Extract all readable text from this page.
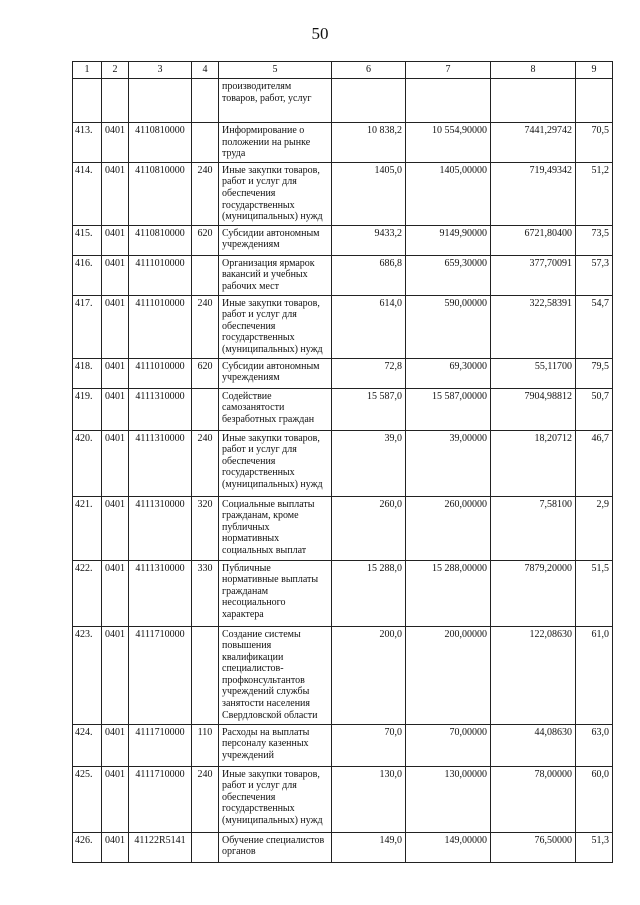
50
1	2	3	4	5	6	7	8	9
				производителям товаров, работ, услуг				
413.	0401	4110810000		Информирование о положении на рынке труда	10 838,2	10 554,90000	7441,29742	70,5
414.	0401	4110810000	240	Иные закупки товаров, работ и услуг для обеспечения государственных (муниципальных) нужд	1405,0	1405,00000	719,49342	51,2
415.	0401	4110810000	620	Субсидии автономным учреждениям	9433,2	9149,90000	6721,80400	73,5
416.	0401	4111010000		Организация ярмарок вакансий и учебных рабочих мест	686,8	659,30000	377,70091	57,3
417.	0401	4111010000	240	Иные закупки товаров, работ и услуг для обеспечения государственных (муниципальных) нужд	614,0	590,00000	322,58391	54,7
418.	0401	4111010000	620	Субсидии автономным учреждениям	72,8	69,30000	55,11700	79,5
419.	0401	4111310000		Содействие самозанятости безработных граждан	15 587,0	15 587,00000	7904,98812	50,7
420.	0401	4111310000	240	Иные закупки товаров, работ и услуг для обеспечения государственных (муниципальных) нужд	39,0	39,00000	18,20712	46,7
421.	0401	4111310000	320	Социальные выплаты гражданам, кроме публичных нормативных социальных выплат	260,0	260,00000	7,58100	2,9
422.	0401	4111310000	330	Публичные нормативные выплаты гражданам несоциального характера	15 288,0	15 288,00000	7879,20000	51,5
423.	0401	4111710000		Создание системы повышения квалификации специалистов-профконсультантов учреждений службы занятости населения Свердловской области	200,0	200,00000	122,08630	61,0
424.	0401	4111710000	110	Расходы на выплаты персоналу казенных учреждений	70,0	70,00000	44,08630	63,0
425.	0401	4111710000	240	Иные закупки товаров, работ и услуг для обеспечения государственных (муниципальных) нужд	130,0	130,00000	78,00000	60,0
426.	0401	41122R5141		Обучение специалистов органов	149,0	149,00000	76,50000	51,3
